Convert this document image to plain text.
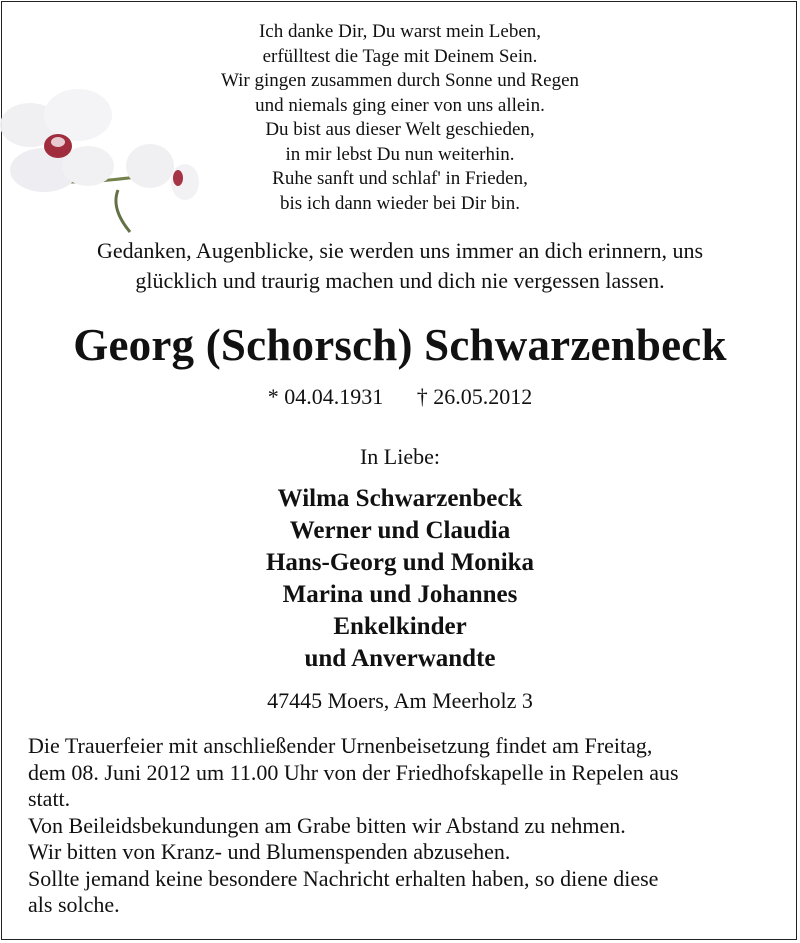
Ich danke Dir, Du warst mein Leben,
erfülltest die Tage mit Deinem Sein.
Wir gingen zusammen durch Sonne und Regen
und niemals ging einer von uns allein.
Du bist aus dieser Welt geschieden,
in mir lebst Du nun weiterhin.
Ruhe sanft und schlaf' in Frieden,
bis ich dann wieder bei Dir bin.
Gedanken, Augenblicke, sie werden uns immer an dich erinnern, uns
glücklich und traurig machen und dich nie vergessen lassen.
Georg (Schorsch) Schwarzenbeck
* 04.04.1931 † 26.05.2012
In Liebe:
Wilma Schwarzenbeck
Werner und Claudia
Hans-Georg und Monika
Marina und Johannes
Enkelkinder
und Anverwandte
47445 Moers, Am Meerholz 3
Die Trauerfeier mit anschließender Urnenbeisetzung findet am Freitag,
dem 08. Juni 2012 um 11.00 Uhr von der Friedhofskapelle in Repelen aus
statt.
Von Beileidsbekundungen am Grabe bitten wir Abstand zu nehmen.
Wir bitten von Kranz- und Blumenspenden abzusehen.
Sollte jemand keine besondere Nachricht erhalten haben, so diene diese
als solche.
